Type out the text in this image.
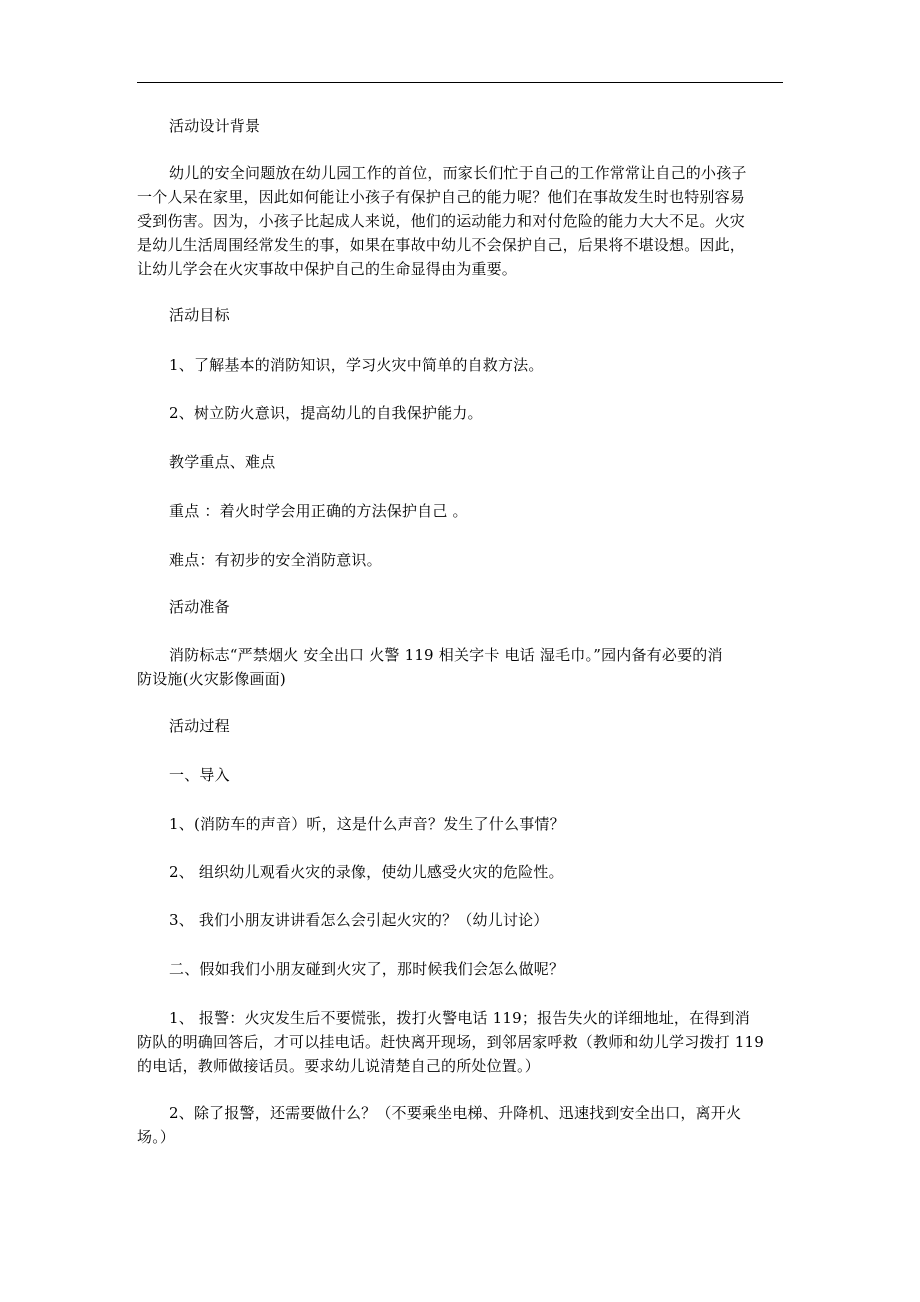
活动设计背景
幼儿的安全问题放在幼儿园工作的首位，而家长们忙于自己的工作常常让自己的小孩子
一个人呆在家里，因此如何能让小孩子有保护自己的能力呢？他们在事故发生时也特别容易
受到伤害。因为，小孩子比起成人来说，他们的运动能力和对付危险的能力大大不足。火灾
是幼儿生活周围经常发生的事，如果在事故中幼儿不会保护自己，后果将不堪设想。因此，
让幼儿学会在火灾事故中保护自己的生命显得由为重要。
活动目标
1、了解基本的消防知识，学习火灾中简单的自救方法。
2、树立防火意识，提高幼儿的自我保护能力。
教学重点、难点
重点 ：着火时学会用正确的方法保护自己 。
难点：有初步的安全消防意识。
活动准备
消防标志“严禁烟火 安全出口 火警 119 相关字卡 电话 湿毛巾。”园内备有必要的消
防设施(火灾影像画面)
活动过程
一、导入
1、(消防车的声音）听，这是什么声音？发生了什么事情？
2、 组织幼儿观看火灾的录像，使幼儿感受火灾的危险性。
3、 我们小朋友讲讲看怎么会引起火灾的？（幼儿讨论）
二、假如我们小朋友碰到火灾了，那时候我们会怎么做呢？
1、 报警：火灾发生后不要慌张，拨打火警电话 119；报告失火的详细地址，在得到消
防队的明确回答后，才可以挂电话。赶快离开现场，到邻居家呼救（教师和幼儿学习拨打 119
的电话，教师做接话员。要求幼儿说清楚自己的所处位置。）
2、除了报警，还需要做什么？（不要乘坐电梯、升降机、迅速找到安全出口，离开火
场。）
